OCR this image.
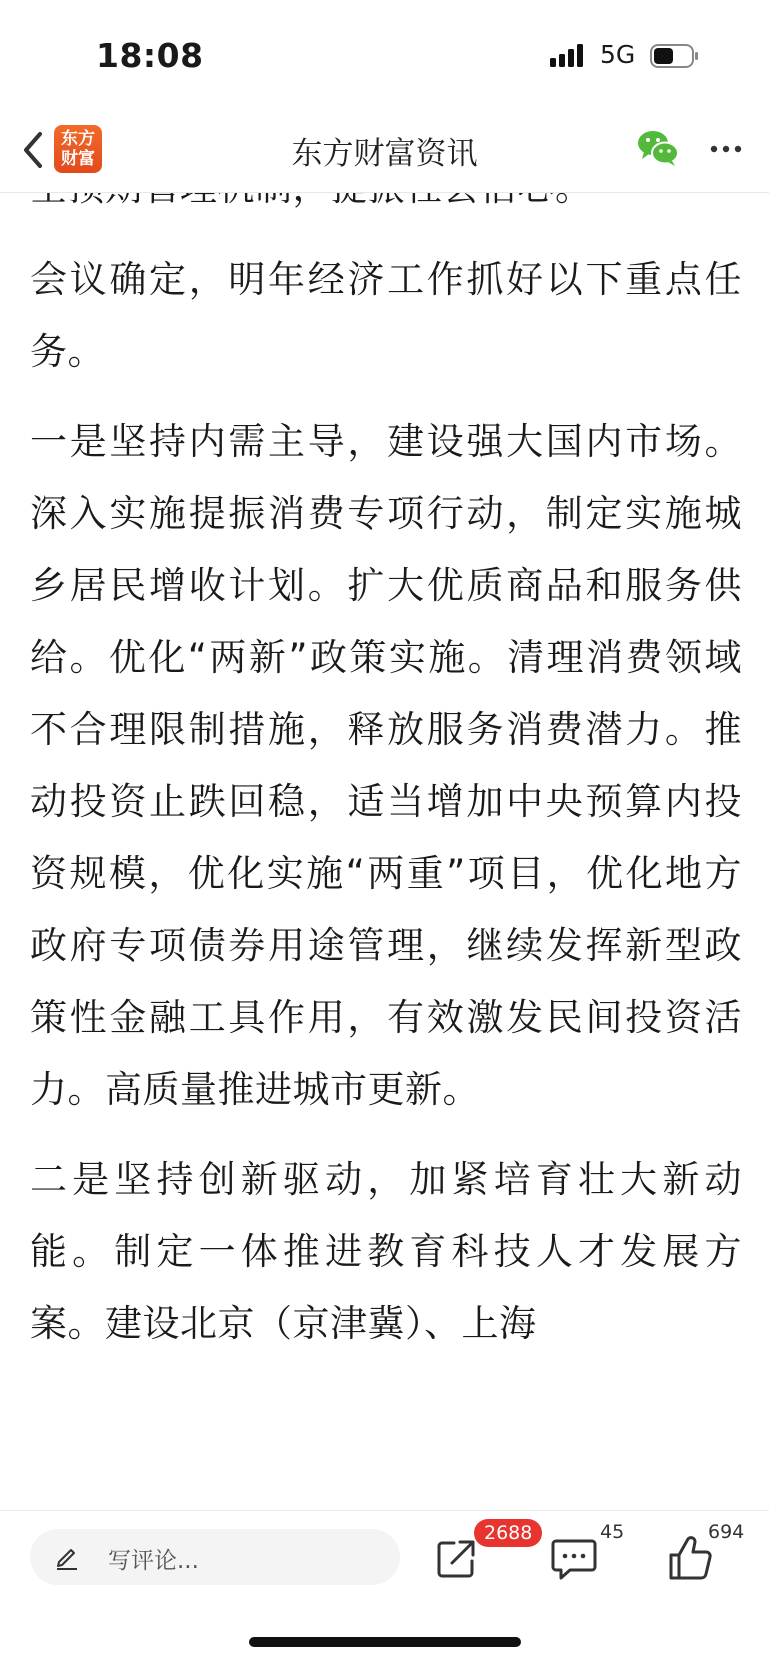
18:08	5G
东方
财富	东方财富资讯

会议确定，明年经济工作抓好以下重点任务。

一是坚持内需主导，建设强大国内市场。深入实施提振消费专项行动，制定实施城乡居民增收计划。扩大优质商品和服务供给。优化“两新”政策实施。清理消费领域不合理限制措施，释放服务消费潜力。推动投资止跌回稳，适当增加中央预算内投资规模，优化实施“两重”项目，优化地方政府专项债券用途管理，继续发挥新型政策性金融工具作用，有效激发民间投资活力。高质量推进城市更新。

二是坚持创新驱动，加紧培育壮大新动能。制定一体推进教育科技人才发展方案。建设北京（京津冀）、上海

写评论...
2688	45	694
